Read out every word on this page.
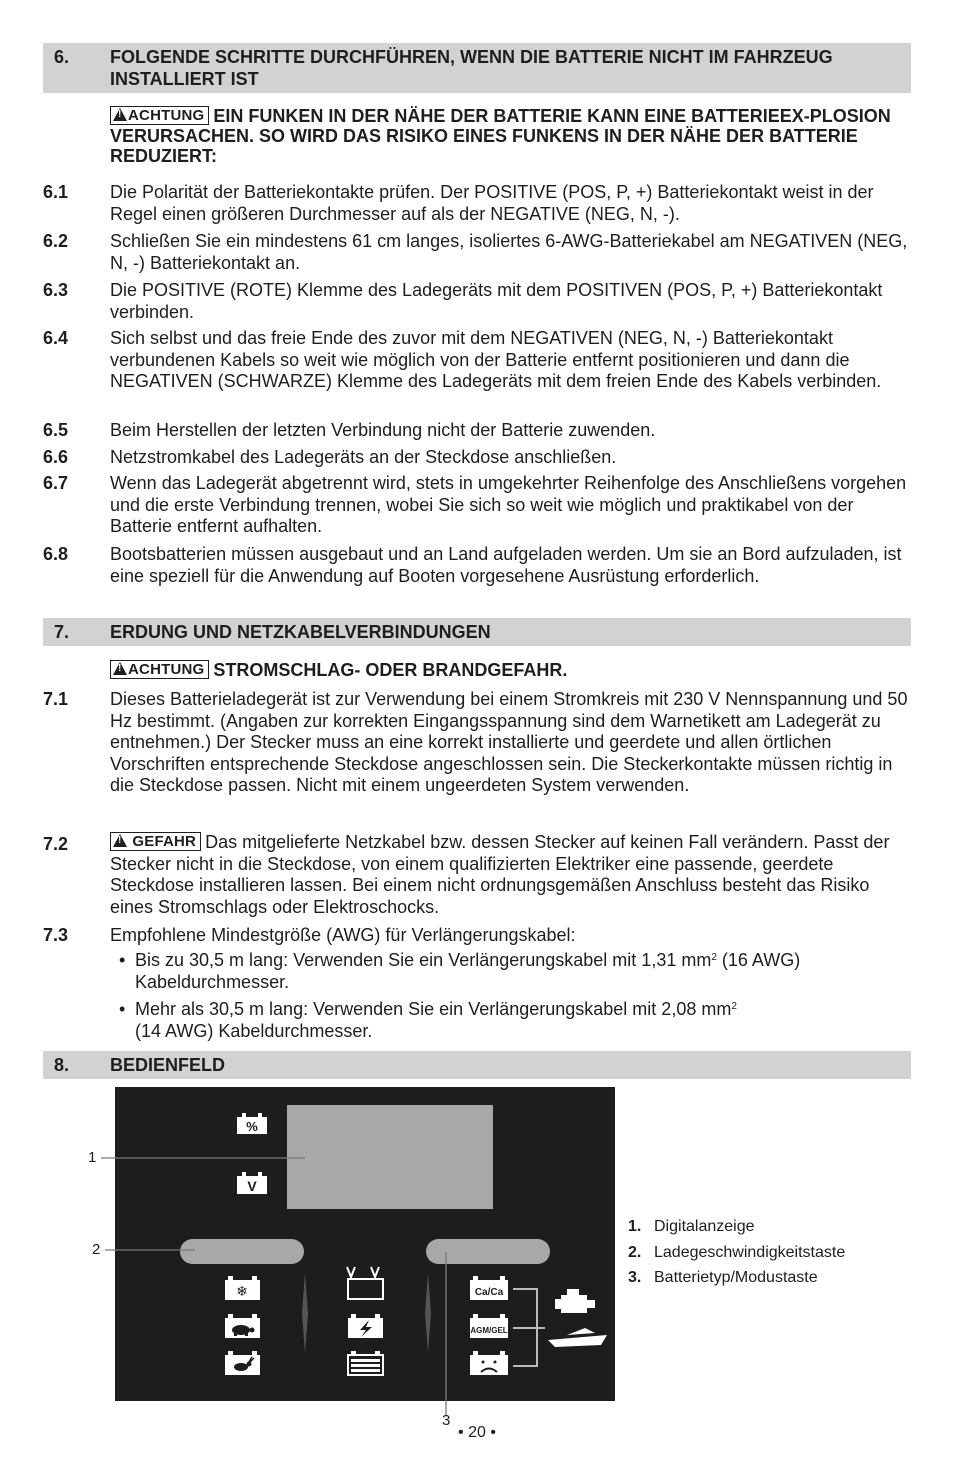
6. FOLGENDE SCHRITTE DURCHFÜHREN, WENN DIE BATTERIE NICHT IM FAHRZEUG INSTALLIERT IST
!ACHTUNG EIN FUNKEN IN DER NÄHE DER BATTERIE KANN EINE BATTERIEEX-PLOSION VERURSACHEN. SO WIRD DAS RISIKO EINES FUNKENS IN DER NÄHE DER BATTERIE REDUZIERT:
6.1 Die Polarität der Batteriekontakte prüfen. Der POSITIVE (POS, P, +) Batteriekontakt weist in der Regel einen größeren Durchmesser auf als der NEGATIVE (NEG, N, -).
6.2 Schließen Sie ein mindestens 61 cm langes, isoliertes 6-AWG-Batteriekabel am NEGATIVEN (NEG, N, -) Batteriekontakt an.
6.3 Die POSITIVE (ROTE) Klemme des Ladegeräts mit dem POSITIVEN (POS, P, +) Batteriekontakt verbinden.
6.4 Sich selbst und das freie Ende des zuvor mit dem NEGATIVEN (NEG, N, -) Batteriekontakt verbundenen Kabels so weit wie möglich von der Batterie entfernt positionieren und dann die NEGATIVEN (SCHWARZE) Klemme des Ladegeräts mit dem freien Ende des Kabels verbinden.
6.5 Beim Herstellen der letzten Verbindung nicht der Batterie zuwenden.
6.6 Netzstromkabel des Ladegeräts an der Steckdose anschließen.
6.7 Wenn das Ladegerät abgetrennt wird, stets in umgekehrter Reihenfolge des Anschließens vorgehen und die erste Verbindung trennen, wobei Sie sich so weit wie möglich und praktikabel von der Batterie entfernt aufhalten.
6.8 Bootsbatterien müssen ausgebaut und an Land aufgeladen werden. Um sie an Bord aufzuladen, ist eine speziell für die Anwendung auf Booten vorgesehene Ausrüstung erforderlich.
7. ERDUNG UND NETZKABELVERBINDUNGEN
!ACHTUNG STROMSCHLAG- ODER BRANDGEFAHR.
7.1 Dieses Batterieladegerät ist zur Verwendung bei einem Stromkreis mit 230 V Nennspannung und 50 Hz bestimmt. (Angaben zur korrekten Eingangsspannung sind dem Warnetikett am Ladegerät zu entnehmen.) Der Stecker muss an eine korrekt installierte und geerdete und allen örtlichen Vorschriften entsprechende Steckdose angeschlossen sein. Die Steckerkontakte müssen richtig in die Steckdose passen. Nicht mit einem ungeerdeten System verwenden.
7.2
!	GEFAHR Das mitgelieferte Netzkabel bzw. dessen Stecker auf keinen Fall verändern. Passt der Stecker nicht in die Steckdose, von einem qualifizierten Elektriker eine passende, geerdete Steckdose installieren lassen. Bei einem nicht ordnungsgemäßen Anschluss besteht das Risiko eines Stromschlags oder Elektroschocks.
7.3 Empfohlene Mindestgröße (AWG) für Verlängerungskabel:
• Bis zu 30,5 m lang: Verwenden Sie ein Verlängerungskabel mit 1,31 $mm^2$ (16 AWG) Kabeldurchmesser.
• Mehr als 30,5 m lang: Verwenden Sie ein Verlängerungskabel mit 2,08 $mm^2$
(14 AWG) Kabeldurchmesser.
8. BEDIENFELD
%
V
❄	Ca/Ca
AGM/GEL
1
2
3
1. Digitalanzeige
2. Ladegeschwindigkeitstaste
3. Batterietyp/Modustaste
• 20 •
